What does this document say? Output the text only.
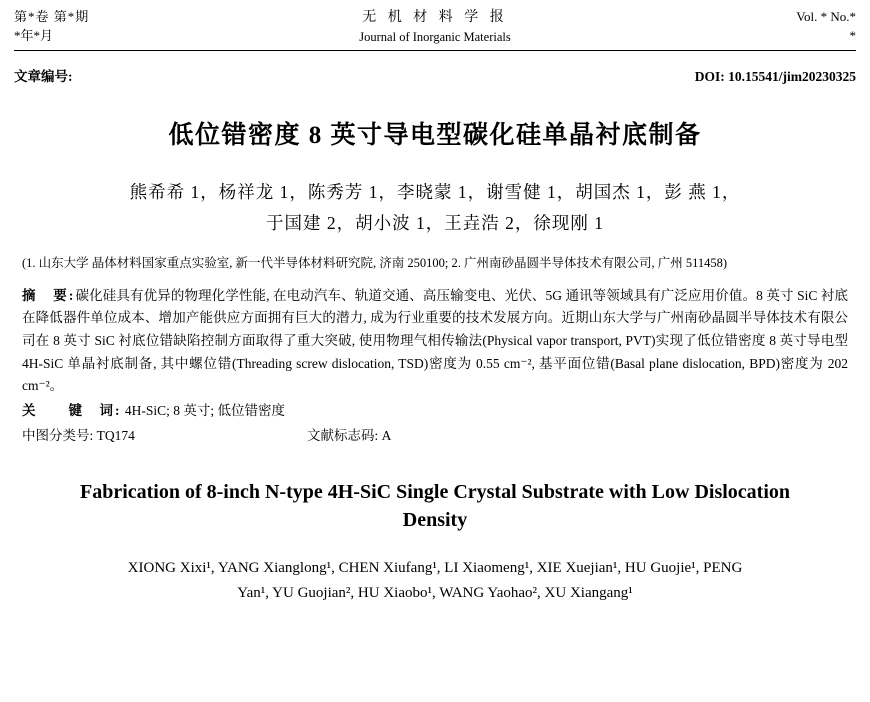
第*卷 第*期
*年*月
无 机 材 料 学 报
Journal of Inorganic Materials
Vol. * No.*
*
文章编号:	DOI: 10.15541/jim20230325
低位错密度 8 英寸导电型碳化硅单晶衬底制备
熊希希 1，杨祥龙 1，陈秀芳 1，李晓蒙 1，谢雪健 1，胡国杰 1，彭 燕 1，
于国建 2，胡小波 1，王垚浩 2，徐现刚 1
(1. 山东大学 晶体材料国家重点实验室, 新一代半导体材料研究院, 济南 250100; 2. 广州南砂晶圆半导体技术有限公司, 广州 511458)
摘　要:碳化硅具有优异的物理化学性能, 在电动汽车、轨道交通、高压输变电、光伏、5G 通讯等领域具有广泛应用价值。8 英寸 SiC 衬底在降低器件单位成本、增加产能供应方面拥有巨大的潜力, 成为行业重要的技术发展方向。近期山东大学与广州南砂晶圆半导体技术有限公司在 8 英寸 SiC 衬底位错缺陷控制方面取得了重大突破, 使用物理气相传输法(Physical vapor transport, PVT)实现了低位错密度 8 英寸导电型 4H-SiC 单晶衬底制备, 其中螺位错(Threading screw dislocation, TSD)密度为 0.55 cm⁻², 基平面位错(Basal plane dislocation, BPD)密度为 202 cm⁻²。
关　　键　词: 4H-SiC; 8 英寸; 低位错密度
中图分类号: TQ174	文献标志码: A
Fabrication of 8-inch N-type 4H-SiC Single Crystal Substrate with Low Dislocation Density
XIONG Xixi¹, YANG Xianglong¹, CHEN Xiufang¹, LI Xiaomeng¹, XIE Xuejian¹, HU Guojie¹, PENG
Yan¹, YU Guojian², HU Xiaobo¹, WANG Yaohao², XU Xiangang¹
